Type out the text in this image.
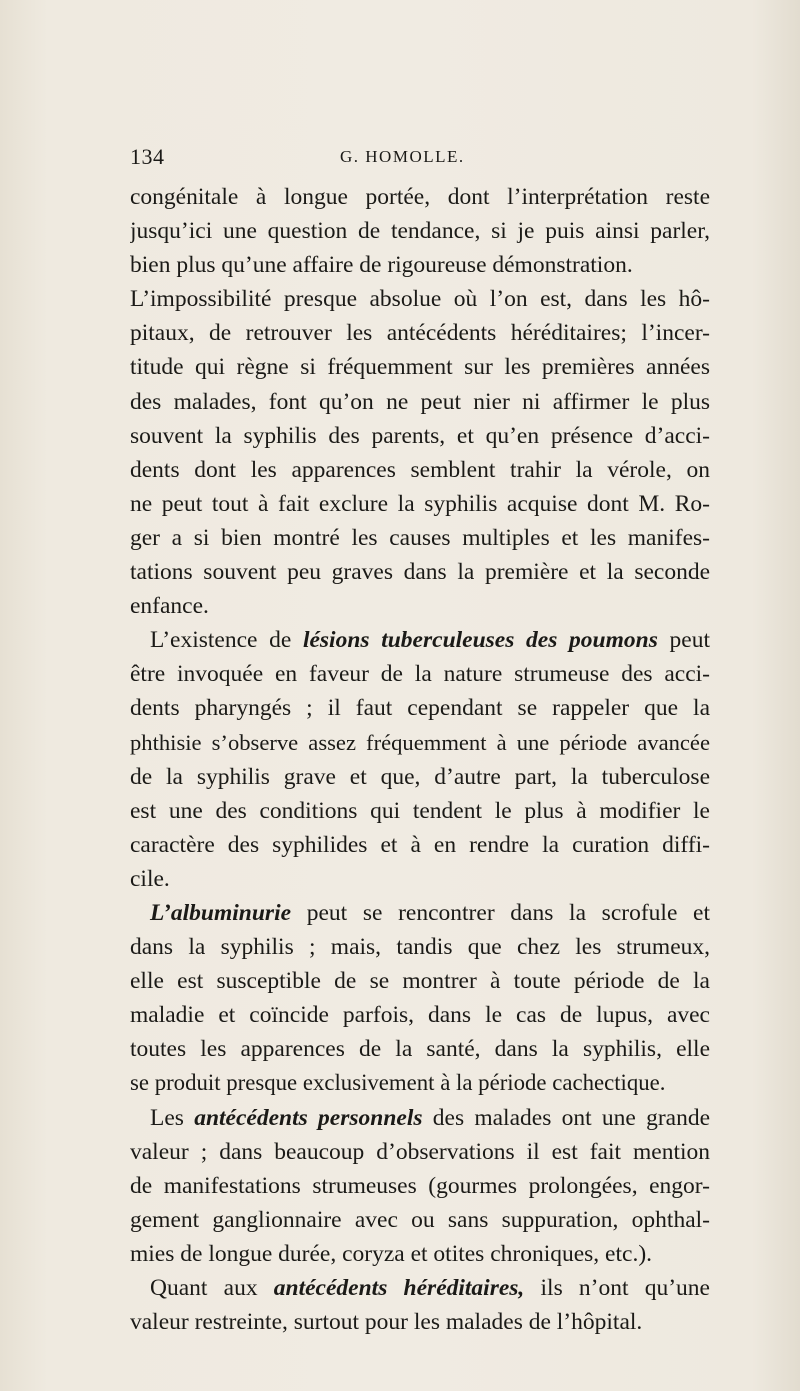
134	G. HOMOLLE.
congénitale à longue portée, dont l’interprétation reste
jusqu’ici une question de tendance, si je puis ainsi parler,
bien plus qu’une affaire de rigoureuse démonstration.
L’impossibilité presque absolue où l’on est, dans les hô-
pitaux, de retrouver les antécédents héréditaires; l’incer-
titude qui règne si fréquemment sur les premières années
des malades, font qu’on ne peut nier ni affirmer le plus
souvent la syphilis des parents, et qu’en présence d’acci-
dents dont les apparences semblent trahir la vérole, on
ne peut tout à fait exclure la syphilis acquise dont M. Ro-
ger a si bien montré les causes multiples et les manifes-
tations souvent peu graves dans la première et la seconde
enfance.
L’existence de lésions tuberculeuses des poumons peut
être invoquée en faveur de la nature strumeuse des acci-
dents pharyngés ; il faut cependant se rappeler que la
phthisie s’observe assez fréquemment à une période avancée
de la syphilis grave et que, d’autre part, la tuberculose
est une des conditions qui tendent le plus à modifier le
caractère des syphilides et à en rendre la curation diffi-
cile.
L’albuminurie peut se rencontrer dans la scrofule et
dans la syphilis ; mais, tandis que chez les strumeux,
elle est susceptible de se montrer à toute période de la
maladie et coïncide parfois, dans le cas de lupus, avec
toutes les apparences de la santé, dans la syphilis, elle
se produit presque exclusivement à la période cachectique.
Les antécédents personnels des malades ont une grande
valeur ; dans beaucoup d’observations il est fait mention
de manifestations strumeuses (gourmes prolongées, engor-
gement ganglionnaire avec ou sans suppuration, ophthal-
mies de longue durée, coryza et otites chroniques, etc.).
Quant aux antécédents héréditaires, ils n’ont qu’une
valeur restreinte, surtout pour les malades de l’hôpital.
